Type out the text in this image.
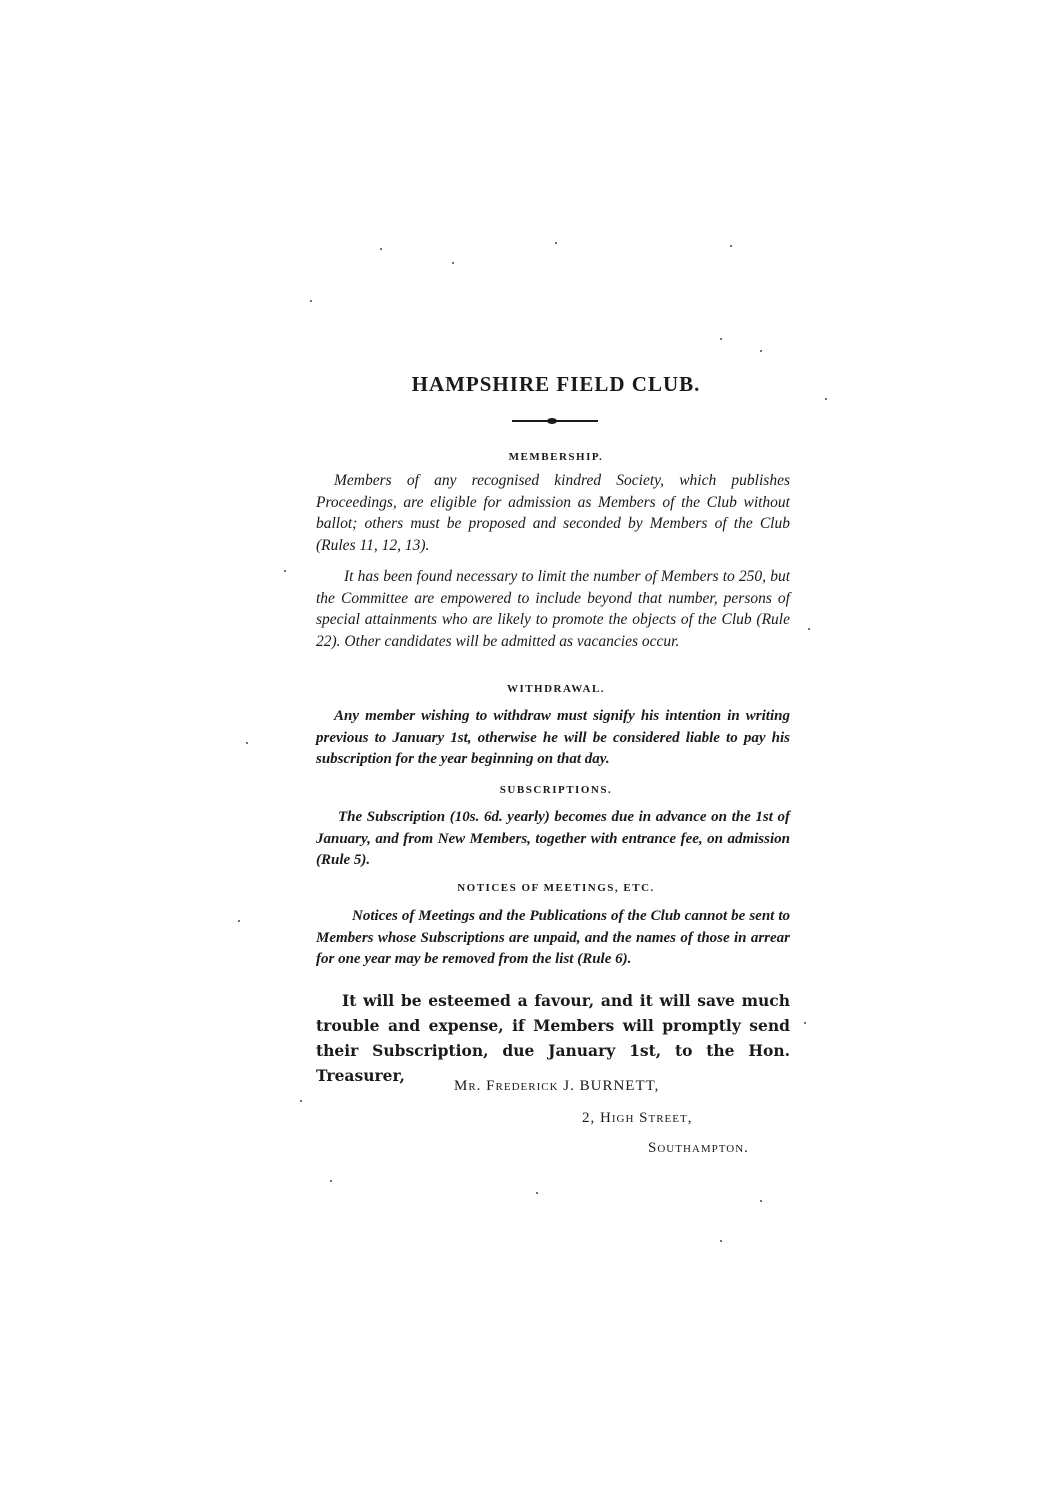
HAMPSHIRE FIELD CLUB.
MEMBERSHIP.

Members of any recognised kindred Society, which publishes Proceedings, are eligible for admission as Members of the Club without ballot; others must be proposed and seconded by Members of the Club (Rules 11, 12, 13).

It has been found necessary to limit the number of Members to 250, but the Committee are empowered to include beyond that number, persons of special attainments who are likely to promote the objects of the Club (Rule 22). Other candidates will be admitted as vacancies occur.

WITHDRAWAL.

Any member wishing to withdraw must signify his intention in writing previous to January 1st, otherwise he will be considered liable to pay his subscription for the year beginning on that day.

SUBSCRIPTIONS.

The Subscription (10s. 6d. yearly) becomes due in advance on the 1st of January, and from New Members, together with entrance fee, on admission (Rule 5).

NOTICES OF MEETINGS, ETC.

Notices of Meetings and the Publications of the Club cannot be sent to Members whose Subscriptions are unpaid, and the names of those in arrear for one year may be removed from the list (Rule 6).

It will be esteemed a favour, and it will save much trouble and expense, if Members will promptly send their Subscription, due January 1st, to the Hon. Treasurer,

Mr. Frederick J. BURNETT,

2, High Street,

Southampton.
